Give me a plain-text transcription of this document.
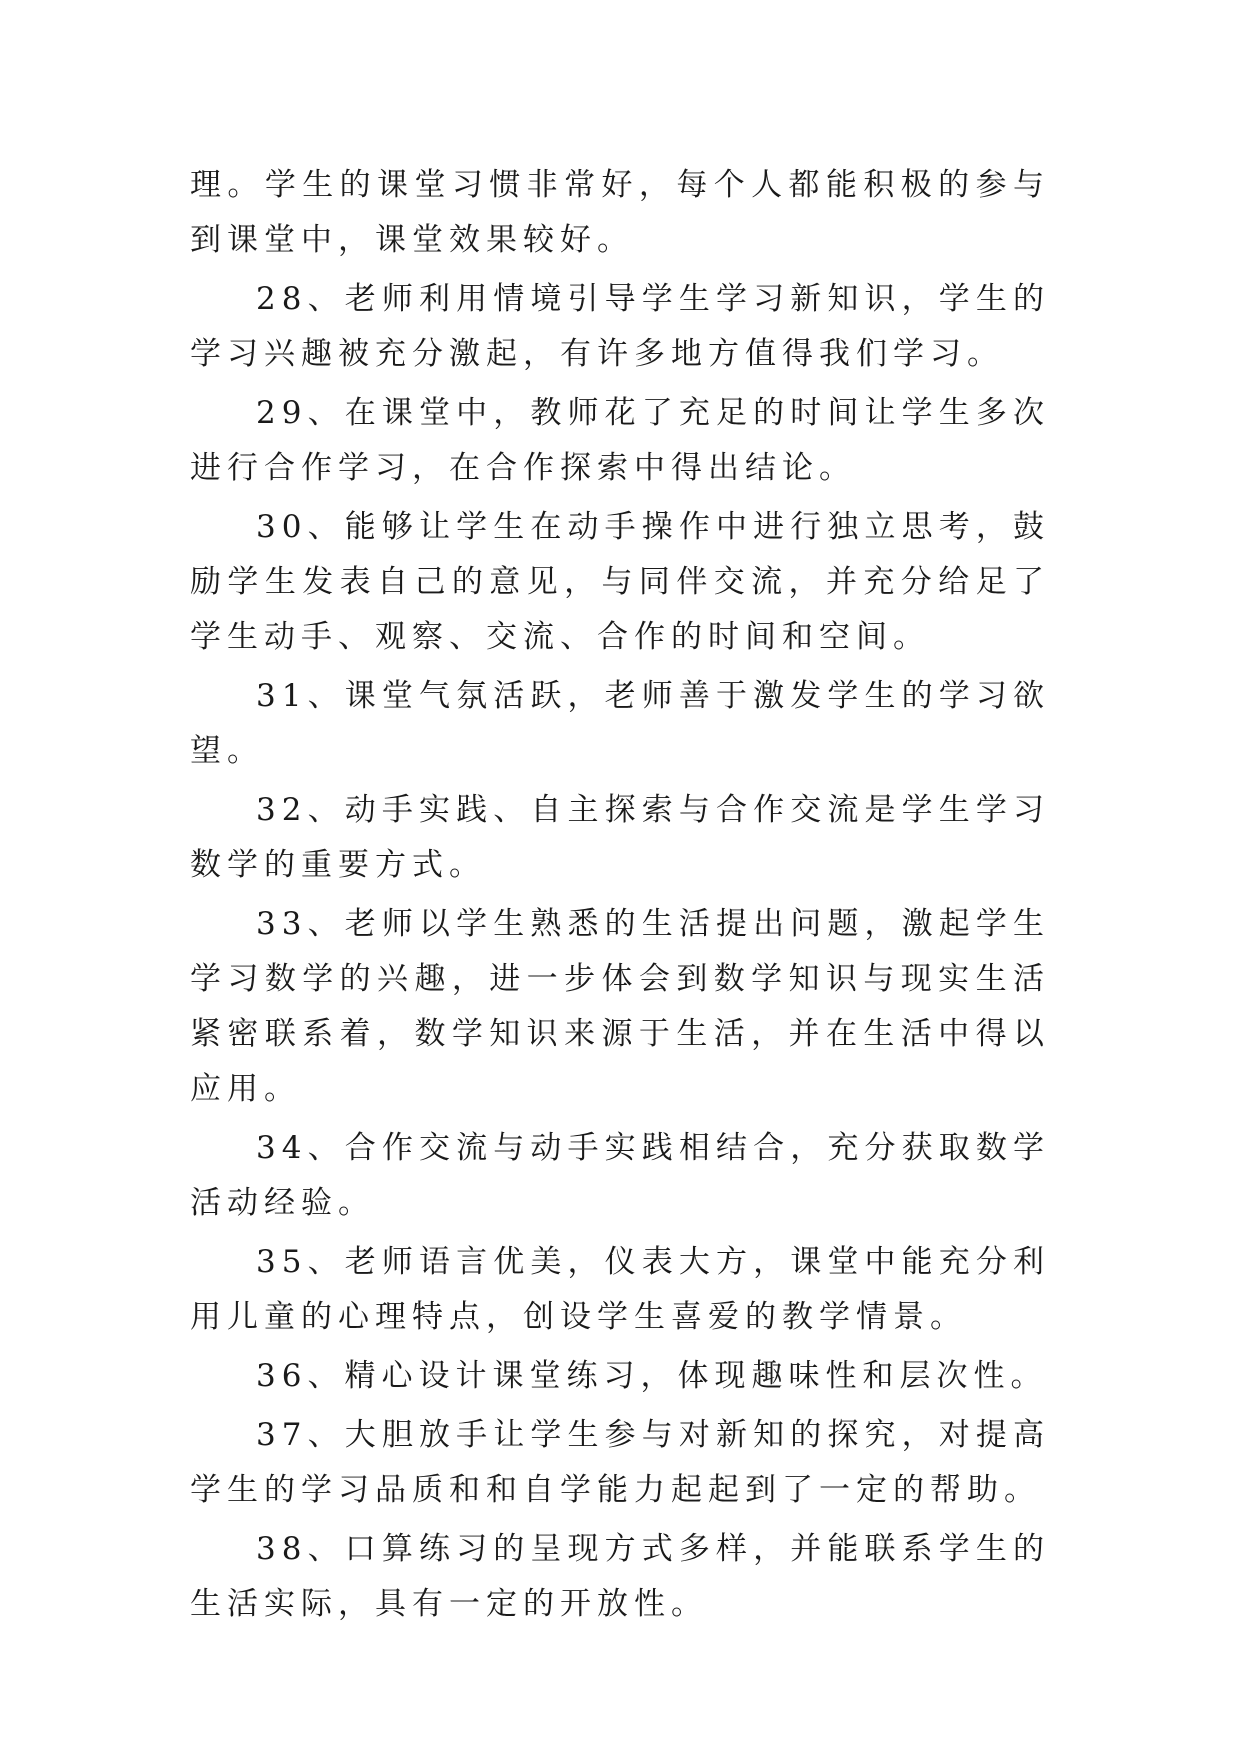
理。学生的课堂习惯非常好，每个人都能积极的参与到课堂中，课堂效果较好。

28、老师利用情境引导学生学习新知识，学生的学习兴趣被充分激起，有许多地方值得我们学习。

29、在课堂中，教师花了充足的时间让学生多次进行合作学习，在合作探索中得出结论。

30、能够让学生在动手操作中进行独立思考，鼓励学生发表自己的意见，与同伴交流，并充分给足了学生动手、观察、交流、合作的时间和空间。

31、课堂气氛活跃，老师善于激发学生的学习欲望。

32、动手实践、自主探索与合作交流是学生学习数学的重要方式。

33、老师以学生熟悉的生活提出问题，激起学生学习数学的兴趣，进一步体会到数学知识与现实生活紧密联系着，数学知识来源于生活，并在生活中得以应用。

34、合作交流与动手实践相结合，充分获取数学活动经验。

35、老师语言优美，仪表大方，课堂中能充分利用儿童的心理特点，创设学生喜爱的教学情景。

36、精心设计课堂练习，体现趣味性和层次性。

37、大胆放手让学生参与对新知的探究，对提高学生的学习品质和和自学能力起起到了一定的帮助。

38、口算练习的呈现方式多样，并能联系学生的生活实际，具有一定的开放性。
